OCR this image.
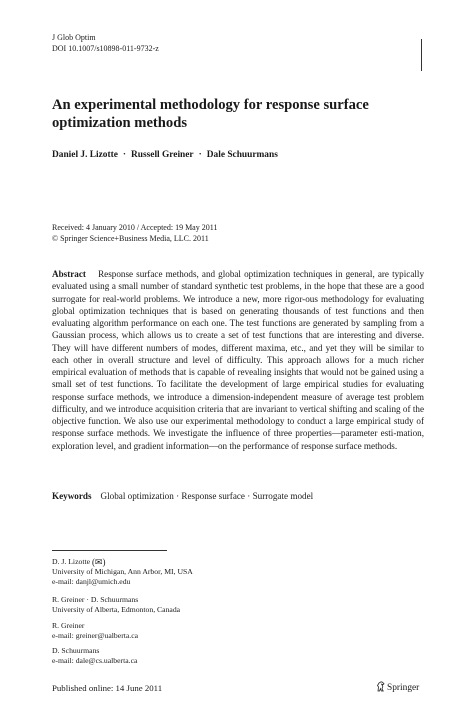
J Glob Optim
DOI 10.1007/s10898-011-9732-z
An experimental methodology for response surface
optimization methods
Daniel J. Lizotte · Russell Greiner · Dale Schuurmans
Received: 4 January 2010 / Accepted: 19 May 2011
© Springer Science+Business Media, LLC. 2011

Abstract Response surface methods, and global optimization techniques in general, are typically evaluated using a small number of standard synthetic test problems, in the hope that these are a good surrogate for real-world problems. We introduce a new, more rigor-ous methodology for evaluating global optimization techniques that is based on generating thousands of test functions and then evaluating algorithm performance on each one. The test functions are generated by sampling from a Gaussian process, which allows us to create a set of test functions that are interesting and diverse. They will have different numbers of modes, different maxima, etc., and yet they will be similar to each other in overall structure and level of difficulty. This approach allows for a much richer empirical evaluation of methods that is capable of revealing insights that would not be gained using a small set of test functions. To facilitate the development of large empirical studies for evaluating response surface methods, we introduce a dimension-independent measure of average test problem difficulty, and we introduce acquisition criteria that are invariant to vertical shifting and scaling of the objective function. We also use our experimental methodology to conduct a large empirical study of response surface methods. We investigate the influence of three properties—parameter esti-mation, exploration level, and gradient information—on the performance of response surface methods.

Keywords Global optimization · Response surface · Surrogate model
D. J. Lizotte (✉)
University of Michigan, Ann Arbor, MI, USA
e-mail: danjl@umich.edu
R. Greiner · D. Schuurmans
University of Alberta, Edmonton, Canada
R. Greiner
e-mail: greiner@ualberta.ca
D. Schuurmans
e-mail: dale@cs.ualberta.ca
Published online: 14 June 2011	Springer
